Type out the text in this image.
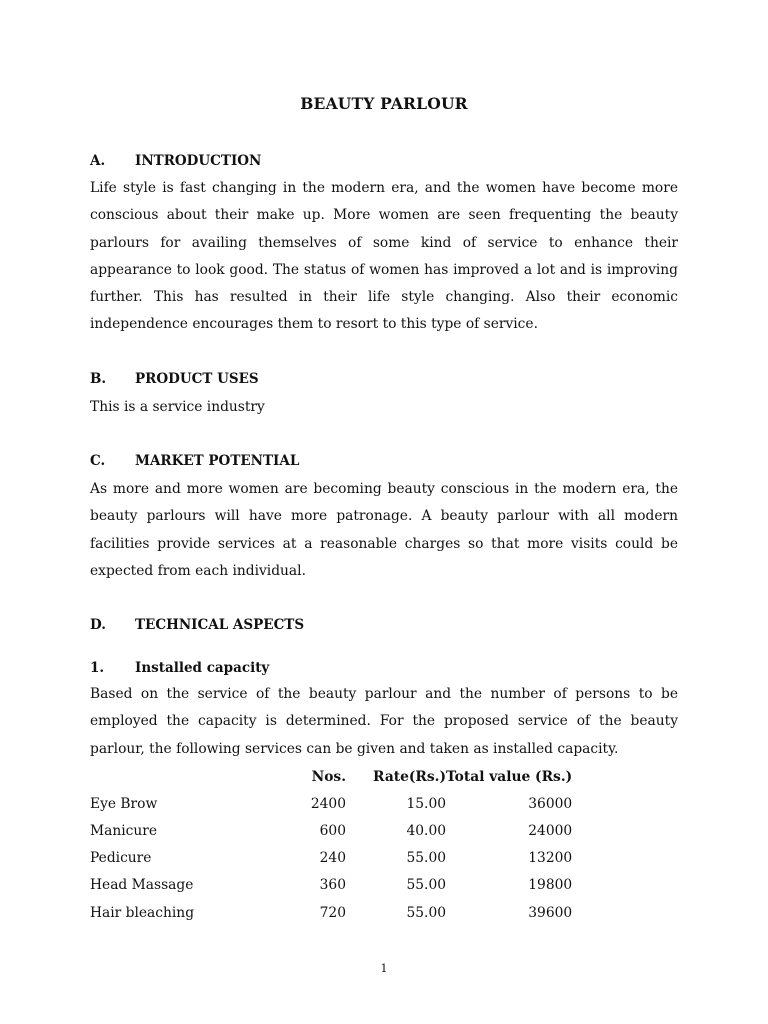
BEAUTY PARLOUR
A. INTRODUCTION
Life style is fast changing in the modern era, and the women have become more conscious about their make up. More women are seen frequenting the beauty parlours for availing themselves of some kind of service to enhance their appearance to look good. The status of women has improved a lot and is improving further. This has resulted in their life style changing. Also their economic independence encourages them to resort to this type of service.
B. PRODUCT USES
This is a service industry
C. MARKET POTENTIAL
As more and more women are becoming beauty conscious in the modern era, the beauty parlours will have more patronage. A beauty parlour with all modern facilities provide services at a reasonable charges so that more visits could be expected from each individual.
D. TECHNICAL ASPECTS
1. Installed capacity
Based on the service of the beauty parlour and the number of persons to be employed the capacity is determined. For the proposed service of the beauty parlour, the following services can be given and taken as installed capacity.
	Nos.	Rate(Rs.)	Total value (Rs.)
Eye Brow	2400	15.00	36000
Manicure	600	40.00	24000
Pedicure	240	55.00	13200
Head Massage	360	55.00	19800
Hair bleaching	720	55.00	39600
1
